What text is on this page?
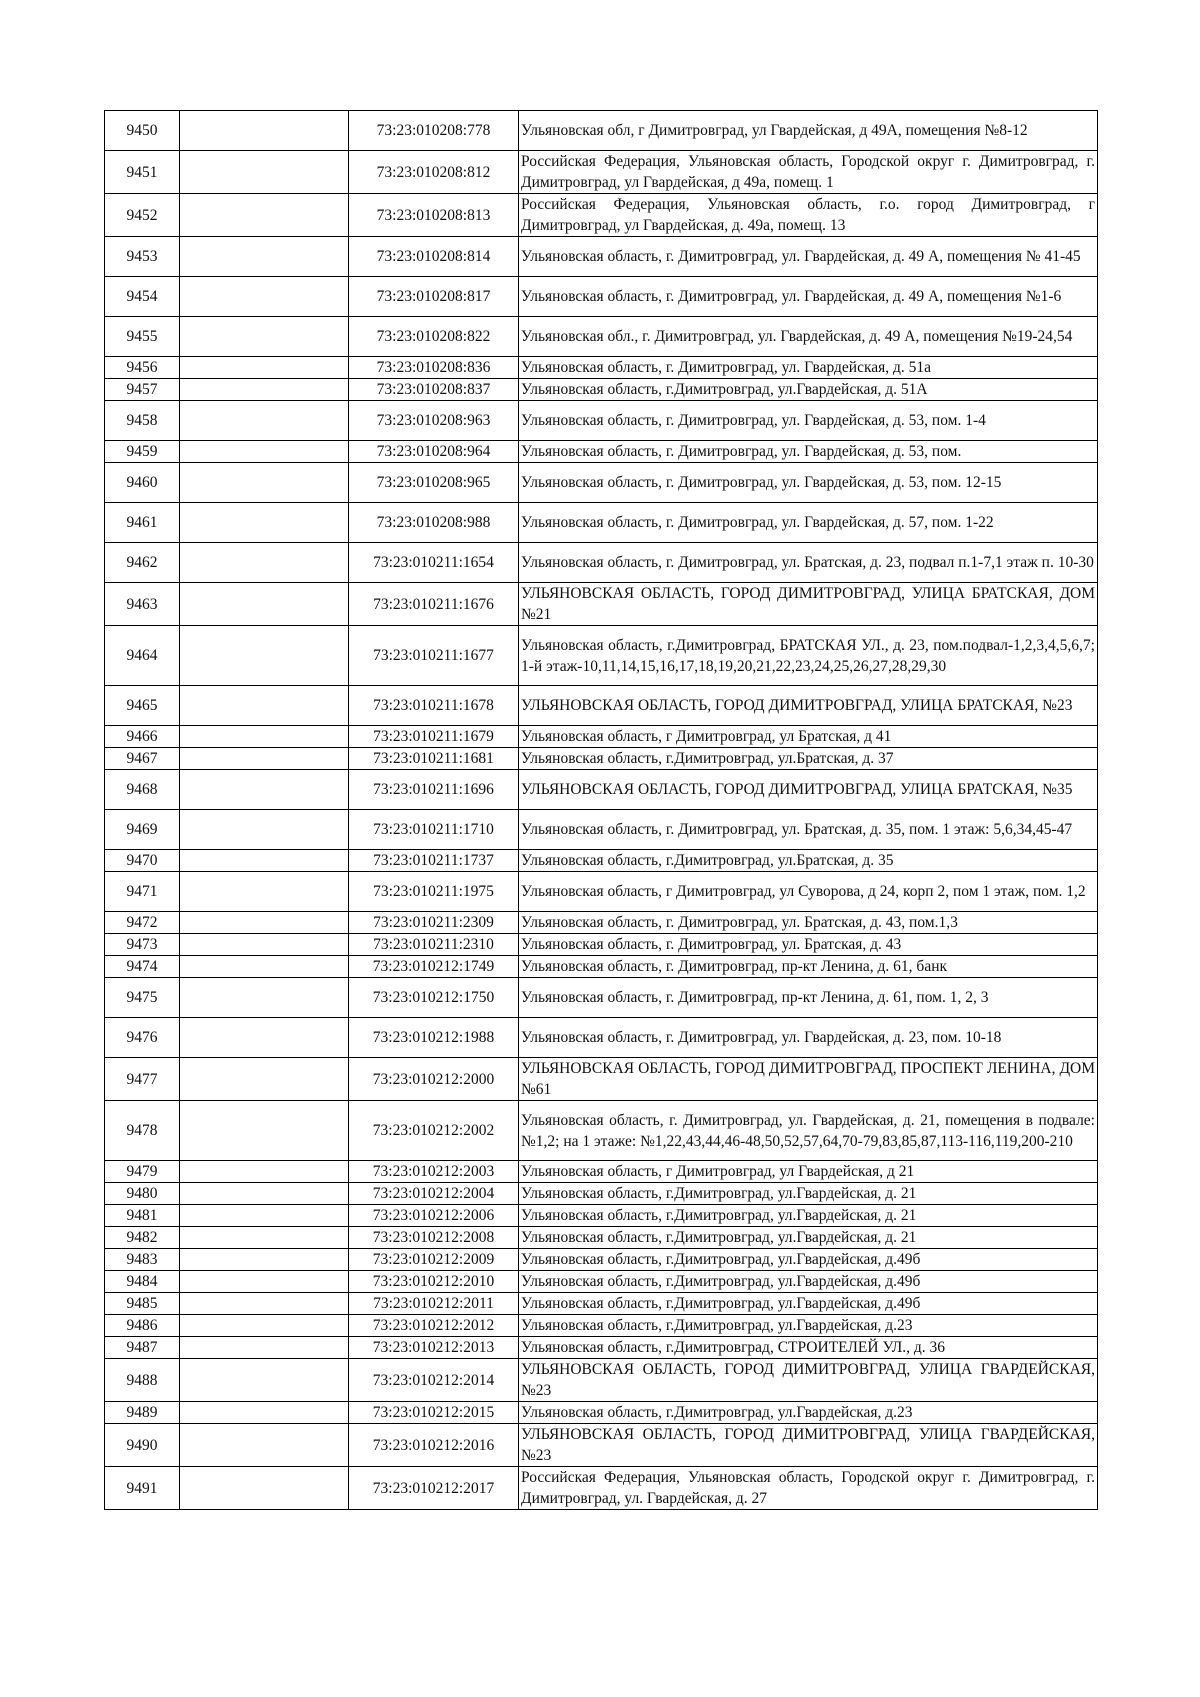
9450		73:23:010208:778	Ульяновская обл, г Димитровград, ул Гвардейская, д 49А, помещения №8-12
9451		73:23:010208:812	Российская Федерация, Ульяновская область, Городской округ г. Димитровград, г. Димитровград, ул Гвардейская, д 49а, помещ. 1
9452		73:23:010208:813	Российская Федерация, Ульяновская область, г.о. город Димитровград, г Димитровград, ул Гвардейская, д. 49а, помещ. 13
9453		73:23:010208:814	Ульяновская область, г. Димитровград, ул. Гвардейская, д. 49 А, помещения № 41-45
9454		73:23:010208:817	Ульяновская область, г. Димитровград, ул. Гвардейская, д. 49 А, помещения №1-6
9455		73:23:010208:822	Ульяновская обл., г. Димитровград, ул. Гвардейская, д. 49 А, помещения №19-24,54
9456		73:23:010208:836	Ульяновская область, г. Димитровград, ул. Гвардейская, д. 51а
9457		73:23:010208:837	Ульяновская область, г.Димитровград, ул.Гвардейская, д. 51А
9458		73:23:010208:963	Ульяновская область, г. Димитровград, ул. Гвардейская, д. 53, пом. 1-4
9459		73:23:010208:964	Ульяновская область, г. Димитровград, ул. Гвардейская, д. 53, пом.
9460		73:23:010208:965	Ульяновская область, г. Димитровград, ул. Гвардейская, д. 53, пом. 12-15
9461		73:23:010208:988	Ульяновская область, г. Димитровград, ул. Гвардейская, д. 57, пом. 1-22
9462		73:23:010211:1654	Ульяновская область, г. Димитровград, ул. Братская, д. 23, подвал п.1-7,1 этаж п. 10-30
9463		73:23:010211:1676	УЛЬЯНОВСКАЯ ОБЛАСТЬ, ГОРОД ДИМИТРОВГРАД, УЛИЦА БРАТСКАЯ, ДОМ №21
9464		73:23:010211:1677	Ульяновская область, г.Димитровград, БРАТСКАЯ УЛ., д. 23, пом.подвал-1,2,3,4,5,6,7; 1-й этаж-10,11,14,15,16,17,18,19,20,21,22,23,24,25,26,27,28,29,30
9465		73:23:010211:1678	УЛЬЯНОВСКАЯ ОБЛАСТЬ, ГОРОД ДИМИТРОВГРАД, УЛИЦА БРАТСКАЯ, №23
9466		73:23:010211:1679	Ульяновская область, г Димитровград, ул Братская, д 41
9467		73:23:010211:1681	Ульяновская область, г.Димитровград, ул.Братская, д. 37
9468		73:23:010211:1696	УЛЬЯНОВСКАЯ ОБЛАСТЬ, ГОРОД ДИМИТРОВГРАД, УЛИЦА БРАТСКАЯ, №35
9469		73:23:010211:1710	Ульяновская область, г. Димитровград, ул. Братская, д. 35, пом. 1 этаж: 5,6,34,45-47
9470		73:23:010211:1737	Ульяновская область, г.Димитровград, ул.Братская, д. 35
9471		73:23:010211:1975	Ульяновская область, г Димитровград, ул Суворова, д 24, корп 2, пом 1 этаж, пом. 1,2
9472		73:23:010211:2309	Ульяновская область, г. Димитровград, ул. Братская, д. 43, пом.1,3
9473		73:23:010211:2310	Ульяновская область, г. Димитровград, ул. Братская, д. 43
9474		73:23:010212:1749	Ульяновская область, г. Димитровград, пр-кт Ленина, д. 61, банк
9475		73:23:010212:1750	Ульяновская область, г. Димитровград, пр-кт Ленина, д. 61, пом. 1, 2, 3
9476		73:23:010212:1988	Ульяновская область, г. Димитровград, ул. Гвардейская, д. 23, пом. 10-18
9477		73:23:010212:2000	УЛЬЯНОВСКАЯ ОБЛАСТЬ, ГОРОД ДИМИТРОВГРАД, ПРОСПЕКТ ЛЕНИНА, ДОМ №61
9478		73:23:010212:2002	Ульяновская область, г. Димитровград, ул. Гвардейская, д. 21, помещения в подвале: №1,2; на 1 этаже: №1,22,43,44,46-48,50,52,57,64,70-79,83,85,87,113-116,119,200-210
9479		73:23:010212:2003	Ульяновская область, г Димитровград, ул Гвардейская, д 21
9480		73:23:010212:2004	Ульяновская область, г.Димитровград, ул.Гвардейская, д. 21
9481		73:23:010212:2006	Ульяновская область, г.Димитровград, ул.Гвардейская, д. 21
9482		73:23:010212:2008	Ульяновская область, г.Димитровград, ул.Гвардейская, д. 21
9483		73:23:010212:2009	Ульяновская область, г.Димитровград, ул.Гвардейская, д.49б
9484		73:23:010212:2010	Ульяновская область, г.Димитровград, ул.Гвардейская, д.49б
9485		73:23:010212:2011	Ульяновская область, г.Димитровград, ул.Гвардейская, д.49б
9486		73:23:010212:2012	Ульяновская область, г.Димитровград, ул.Гвардейская, д.23
9487		73:23:010212:2013	Ульяновская область, г.Димитровград, СТРОИТЕЛЕЙ УЛ., д. 36
9488		73:23:010212:2014	УЛЬЯНОВСКАЯ ОБЛАСТЬ, ГОРОД ДИМИТРОВГРАД, УЛИЦА ГВАРДЕЙСКАЯ, №23
9489		73:23:010212:2015	Ульяновская область, г.Димитровград, ул.Гвардейская, д.23
9490		73:23:010212:2016	УЛЬЯНОВСКАЯ ОБЛАСТЬ, ГОРОД ДИМИТРОВГРАД, УЛИЦА ГВАРДЕЙСКАЯ, №23
9491		73:23:010212:2017	Российская Федерация, Ульяновская область, Городской округ г. Димитровград, г. Димитровград, ул. Гвардейская, д. 27
